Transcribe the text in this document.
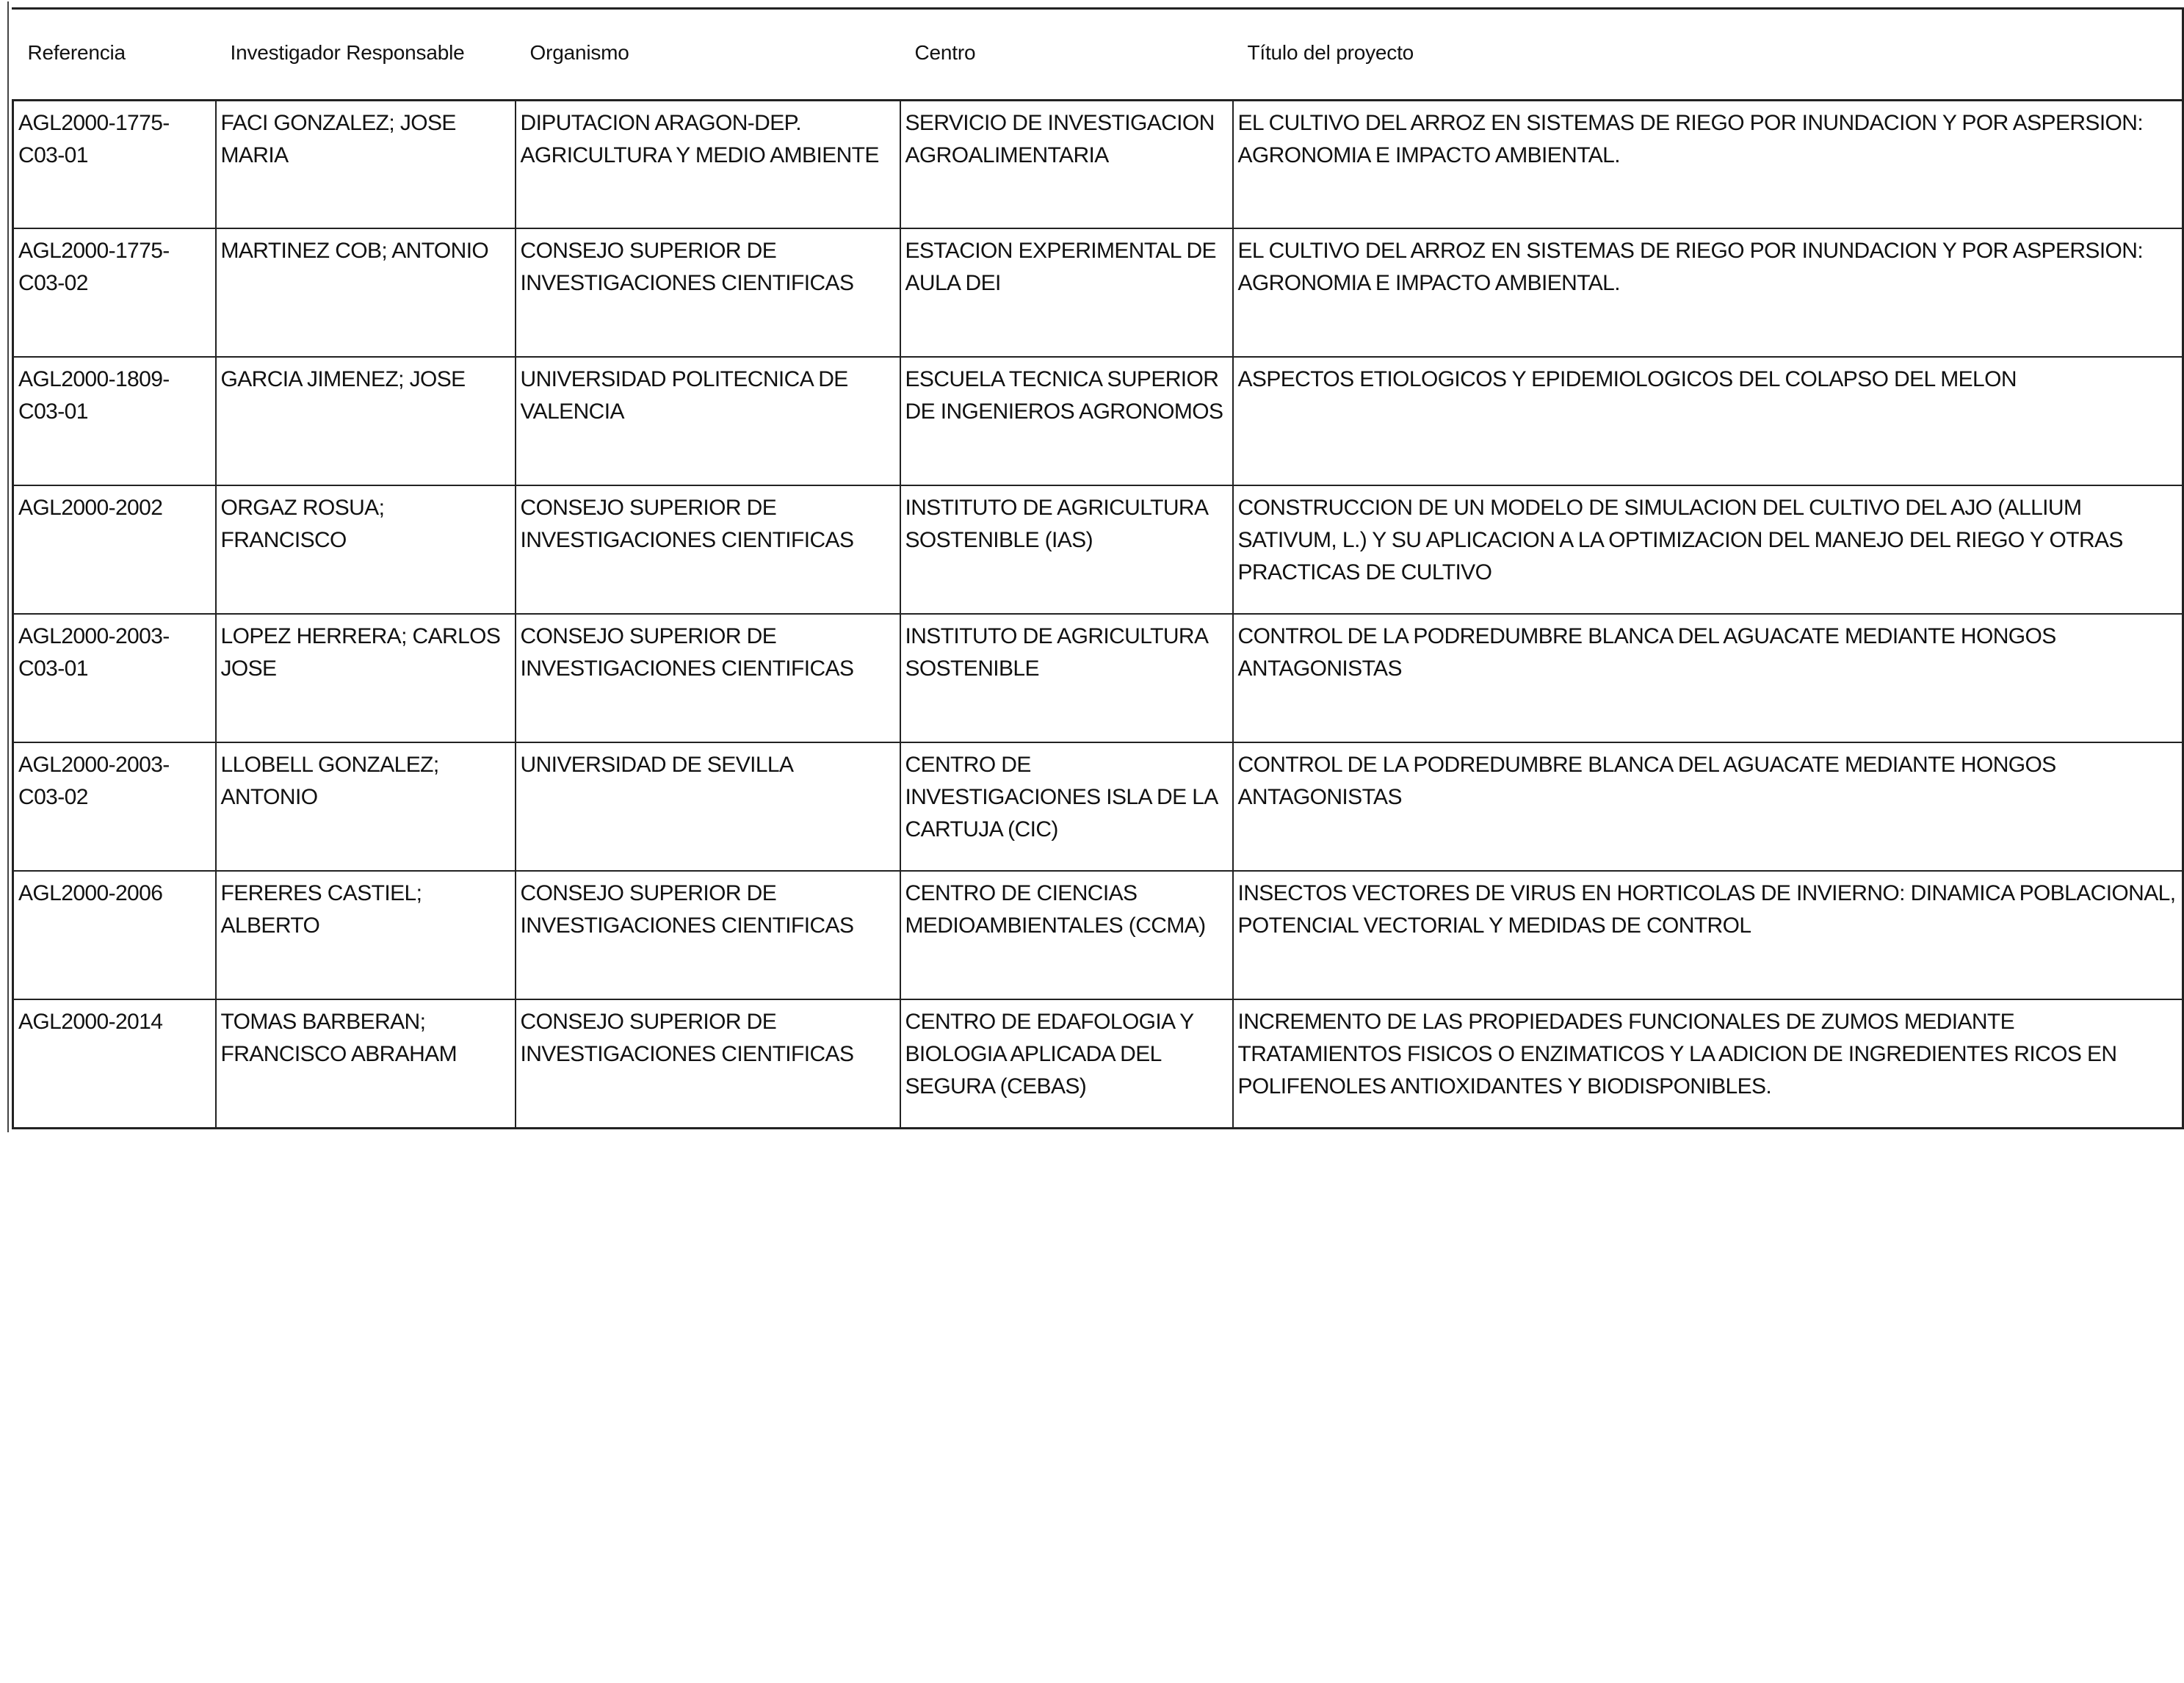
Referencia	Investigador Responsable	Organismo	Centro	Título del proyecto
AGL2000-1775-C03-01	FACI GONZALEZ; JOSE MARIA	DIPUTACION ARAGON-DEP. AGRICULTURA Y MEDIO AMBIENTE	SERVICIO DE INVESTIGACION AGROALIMENTARIA	EL CULTIVO DEL ARROZ EN SISTEMAS DE RIEGO POR INUNDACION Y POR ASPERSION: AGRONOMIA E IMPACTO AMBIENTAL.
AGL2000-1775-C03-02	MARTINEZ COB; ANTONIO	CONSEJO SUPERIOR DE INVESTIGACIONES CIENTIFICAS	ESTACION EXPERIMENTAL DE AULA DEI	EL CULTIVO DEL ARROZ EN SISTEMAS DE RIEGO POR INUNDACION Y POR ASPERSION: AGRONOMIA E IMPACTO AMBIENTAL.
AGL2000-1809-C03-01	GARCIA JIMENEZ; JOSE	UNIVERSIDAD POLITECNICA DE VALENCIA	ESCUELA TECNICA SUPERIOR DE INGENIEROS AGRONOMOS	ASPECTOS ETIOLOGICOS Y EPIDEMIOLOGICOS DEL COLAPSO DEL MELON
AGL2000-2002	ORGAZ ROSUA; FRANCISCO	CONSEJO SUPERIOR DE INVESTIGACIONES CIENTIFICAS	INSTITUTO DE AGRICULTURA SOSTENIBLE (IAS)	CONSTRUCCION DE UN MODELO DE SIMULACION DEL CULTIVO DEL AJO (ALLIUM SATIVUM, L.) Y SU APLICACION A LA OPTIMIZACION DEL MANEJO DEL RIEGO Y OTRAS PRACTICAS DE CULTIVO
AGL2000-2003-C03-01	LOPEZ HERRERA; CARLOS JOSE	CONSEJO SUPERIOR DE INVESTIGACIONES CIENTIFICAS	INSTITUTO DE AGRICULTURA SOSTENIBLE	CONTROL DE LA PODREDUMBRE BLANCA DEL AGUACATE MEDIANTE HONGOS ANTAGONISTAS
AGL2000-2003-C03-02	LLOBELL GONZALEZ; ANTONIO	UNIVERSIDAD DE SEVILLA	CENTRO DE INVESTIGACIONES ISLA DE LA CARTUJA (CIC)	CONTROL DE LA PODREDUMBRE BLANCA DEL AGUACATE MEDIANTE HONGOS ANTAGONISTAS
AGL2000-2006	FERERES CASTIEL; ALBERTO	CONSEJO SUPERIOR DE INVESTIGACIONES CIENTIFICAS	CENTRO DE CIENCIAS MEDIOAMBIENTALES (CCMA)	INSECTOS VECTORES DE VIRUS EN HORTICOLAS DE INVIERNO: DINAMICA POBLACIONAL, POTENCIAL VECTORIAL Y MEDIDAS DE CONTROL
AGL2000-2014	TOMAS BARBERAN; FRANCISCO ABRAHAM	CONSEJO SUPERIOR DE INVESTIGACIONES CIENTIFICAS	CENTRO DE EDAFOLOGIA Y BIOLOGIA APLICADA DEL SEGURA (CEBAS)	INCREMENTO DE LAS PROPIEDADES FUNCIONALES DE ZUMOS MEDIANTE TRATAMIENTOS FISICOS O ENZIMATICOS Y LA ADICION DE INGREDIENTES RICOS EN POLIFENOLES ANTIOXIDANTES Y BIODISPONIBLES.
